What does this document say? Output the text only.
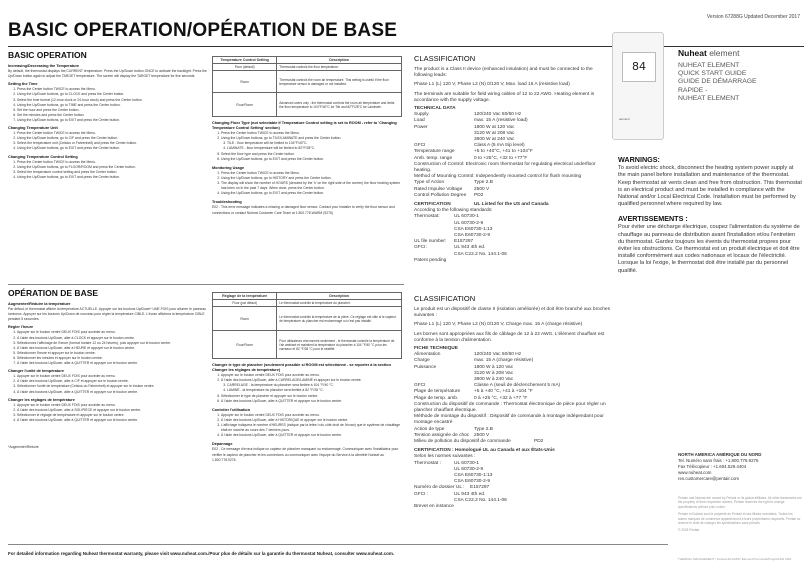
Version 67288G Updated December 2017
BASIC OPERATION/OPÉRATION DE BASE
BASIC OPERATION
Increasing/Decreasing the Temperature
By default, the thermostat displays the CURRENT temperature. Press the Up/Down button ONCE to activate the backlight. Press the Up/Down button again to adjust the TARGET temperature. The screen will display the TARGET temperature for five seconds.
Setting the Time
1. Press the Center button TWICE to access the Menu.
2. Using the Up/Down buttons, go to CLOCK and press the Center button.
3. Select the time format (12-hour clock or 24-hour clock) and press the Center button.
4. Using the Up/Down buttons, go to TIME and press the Center button.
5. Set the hour and press the Center button.
6. Set the minutes and press the Center button.
7. Using the Up/Down buttons, go to EXIT and press the Center button.
Changing Temperature Unit
1. Press the Center button TWICE to access the Menu.
2. Using the Up/Down buttons, go to C/F and press the Center button.
3. Select the temperature unit (Celsius or Fahrenheit) and press the Center button.
4. Using the Up/Down buttons, go to EXIT and press the Center button.
Changing Temperature Control Setting
1. Press the Center button TWICE to access the Menu.
2. Using the Up/Down buttons, go to FLOOR/ROOM and press the Center button.
3. Select the temperature control setting and press the Center button.
4. Using the Up/Down buttons, go to EXIT and press the Center button.
Temperature Control Setting	Description
Floor (default)	Thermostat controls the floor temperature.
Room	Thermostat controls the room air temperature. This setting is useful if the floor temperature sensor is damaged or not installed.
Floor/Room	Advanced users only - the thermostat controls the room air temperature and limits the floor temperature to 104°F/40°C for Tile and 82°F/28°C for Laminate.
Changing Floor Type (not selectable if Temperature Control setting is set to ROOM - refer to 'Changing Temperature Control Setting' section)
1. Press the Center button TWICE to access the Menu.
2. Using the Up/Down buttons, go to TILE/LAMINATE and press the Center button.
3. TILE - floor temperature will be limited to 104°F/40°C.
4. LAMINATE - floor temperature will be limited to 82°F/28°C.
5. Select the floor type and press the Center button.
6. Using the Up/Down buttons, go to EXIT and press the Center button.
Monitoring Usage
1. Press the Center button TWICE to access the Menu.
2. Using the Up/Down buttons, go to HISTORY and press the Center button.
3. The display will show the number of HOURS (denoted by the 'h' on the right side of the screen) the floor heating system has been on in the past 7 days. When done, press the Center button.
4. Using the Up/Down buttons, go to EXIT and press the Center button.
Troubleshooting
E02 - This error message indicates a missing or damaged floor sensor. Contact your installer to verify the floor sensor and connections or contact Nuheat Customer Care Team at 1.800.778.WARM (9276)
OPÉRATION DE BASE
Augmenter/Réduire la température
Par défaut, le thermostat affiche la température ACTUELLE. Appuyer sur les boutons Up/Down* UNE FOIS pour allumer le panneau lumineux. Appuyer sur les boutons Up/Down de nouveau pour régler la température CIBLE. L'écran affichera la température CIBLE pendant 5 secondes.
Régler l'heure
1. Appuyer sur le bouton centre DEUX FOIS pour accéder au menu.
2. À l'aide des boutons Up/Down, aller à CLOCK et appuyer sur le bouton centre.
3. Sélectionnez l'affichage de l'heure (format horaire 12 ou 24 heures), puis appuyer sur le bouton centre.
4. À l'aide des boutons Up/Down, aller à HEURE et appuyer sur le bouton centre.
5. Sélectionner l'heure et appuyer sur le bouton centre.
6. Sélectionner les minutes et appuyer sur le bouton centre.
7. À l'aide des boutons Up/Down, aller à QUITTER et appuyer sur le bouton centre.
Changer l'unité de température
1. Appuyer sur le bouton centre DEUX FOIS pour accéder au menu.
2. À l'aide des boutons Up/Down, aller à C/F et appuyer sur le bouton centre.
3. Sélectionner l'unité de température (Celsius ou Fahrenheit) et appuyer sur le bouton centre.
4. À l'aide des boutons Up/Down, aller à QUITTER et appuyer sur le bouton centre.
Changer les réglages de température
1. Appuyer sur le bouton centre DEUX FOIS pour accéder au menu.
2. À l'aide des boutons Up/Down, aller à SOL/PIÈCE et appuyer sur le bouton centre.
3. Sélectionner le réglage de température et appuyer sur le bouton centre.
4. À l'aide des boutons Up/Down, aller à QUITTER et appuyer sur le bouton centre.
*Augmenter/Réduire
Réglage de la température	Description
Floor (par défaut)	Le thermostat contrôle la température du plancher.
Room	Le thermostat contrôle la température de la pièce. Ce réglage est utile si le capteur de température du plancher est endommagé ou n'est pas installé.
Floor/Room	Pour utilisateurs chevronnés seulement - le thermostat contrôle la température de l'air ambiant et maintient la température du plancher à 104 °F/40 °C pour les carreaux et 82 °F/28 °C pour le stratifié.
Changer le type de plancher (seulement possible si ROOM est sélectionné - se reporter à la section Changer les réglages de température)
1. Appuyer sur le bouton centre DEUX FOIS pour accéder au menu.
2. À l'aide des boutons Up/Down, aller à CARRELAGE/LAMINÉ et appuyer sur le bouton centre.
3. CARRELAGE - la température du plancher sera limitée à 104 °F/40 °C.
4. LAMINÉ - la température du plancher sera limitée à 82 °F/28 °C.
5. Sélectionner le type de plancher et appuyer sur le bouton centre.
6. À l'aide des boutons Up/Down, aller à QUITTER et appuyer sur le bouton centre.
Contrôler l'utilisation
1. Appuyer sur le bouton centre DEUX FOIS pour accéder au menu.
2. À l'aide des boutons Up/Down, aller à HISTORIQUE et appuyer sur le bouton centre.
3. L'affichage indiquera le nombre d'HEURES (indiqué par la lettre h du côté droit de l'écran) que le système de chauffage était en marche au cours des 7 derniers jours.
4. À l'aide des boutons Up/Down, aller à QUITTER et appuyer sur le bouton centre.
Dépannage
E02 - Ce message d'erreur indique un capteur de plancher manquant ou endommagé. Communiquer avec l'installateur pour vérifier le capteur de plancher et les connexions ou communiquer avec l'équipe du Service à la clientèle Nuheat au 1.800.778.9276.
CLASSIFICATION
The product is a Class II device (enhanced insulation) and must be connected to the following leads:
Phase L1 (L) 120 V, Phase L2 (N) 0/120 V, Max. load 15 A (resistive load)
The terminals are suitable for field wiring cables of 12 to 22 AWG. Heating element in accordance with the supply voltage.
TECHNICAL DATA
Supply	120/240 Vac 50/60 Hz
Load	max. 15 A (resistive load)
Power	1800 W at 120 Vac
3120 W at 208 Vac
3600 W at 240 Vac
GFCI	Class A (5 mA trip level)
Temperature range	+5 to +40°C, +41 to +104°F
Amb. temp. range	0 to +25°C, +32 to +77°F
Construction of Control: Electronic room thermostat for regulating electrical underfloor heating.
Method of Mounting Control: Independently mounted control for flush mounting
Type of Action	Type 2.B
Rated Impulse Voltage	2500 V
Control Pollution Degree	PD2
CERTIFICATION	UL Listed for the US and Canada
According to the following standards:
Thermostat:	UL 60730-1
UL 60730-2-9
CSA E60730-1:13
CSA E60730-2-9
UL file number:	E157297
GFCI:	UL 943 4th ed.
CSA C22.2 No. 144.1-06
Patent pending
CLASSIFICATION
Le produit est un dispositif de classe II (isolation améliorée) et doit être branché aux broches suivantes :
Phase L1 (L) 120 V, Phase L2 (N) 0/120 V, Charge max. 15 A (charge résistive)
Les bornes sont appropriées aux fils de câblage de 12 à 22 AWG. L'élément chauffant est conforme à la tension d'alimentation.
FICHE TECHNIQUE
Alimentation	120/240 Vac 50/60 Hz
Charge	max. 15 A (charge résistive)
Puissance	1800 W à 120 Vac
3120 W à 208 Vac
3600 W à 240 Vac
GFCI	Classe A (seuil de déclenchement 5 mA)
Plage de température	+5 à +40 °C, +41 à +104 °F
Plage de temp. amb.	0 à +25 °C, +32 à +77 °F
Construction du dispositif de commande : Thermostat électronique de pièce pour régler un plancher chauffant électrique.
Méthode de montage du dispositif : Dispositif de commande à montage indépendant pour montage encastré
Action de type	Type 2.B
Tension assignée de choc 2500 V
Milieu de pollution du dispositif de commande	PD2
CERTIFICATION : Homologué UL au Canada et aux États-Unis
Selon les normes suivantes :
Thermostat :	UL 60730-1
UL 60730-2-9
CSA E60730-1:13
CSA E60730-2-9
Numéro de dossier UL :	E157297
GFCI :	UL 943 4th ed.
CSA C22.2 No. 144.1-06
Brevet en instance
84
element
Nuheat element
NUHEAT ELEMENT
QUICK START GUIDE
GUIDE DE DÉMARRAGE
RAPIDE -
NUHEAT ELEMENT
WARNINGS:
To avoid electric shock, disconnect the heating system power supply at the main panel before installation and maintenance of the thermostat. Keep thermostat air vents clean and free from obstruction. This thermostat is an electrical product and must be installed in compliance with the National and/or Local Electrical Code. Installation must be performed by qualified personnel where required by law.
AVERTISSEMENTS :
Pour éviter une décharge électrique, coupez l'alimentation du système de chauffage au panneau de distribution avant l'installation et/ou l'entretien du thermostat. Gardez toujours les évents du thermostat propres pour éviter les obstructions. Ce thermostat est un produit électrique et doit être installé conformément aux codes nationaux et locaux de l'électricité. Lorsque la loi l'exige, le thermostat doit être installé par du personnel qualifié.
NORTH AMERICA AMÉRIQUE DU NORD
Tel. Numéro sans frais : +1.800.778.9276
Fax Télécopieur : +1.604.529.4404
www.nuheat.com
res.customercare@pentair.com
Pentair and Nuheat are owned by Pentair or its global affiliates. All other trademarks are the property of their respective owners. Pentair reserves the right to change specifications without prior notice.
Pentair et Nuheat sont la propriété de Pentair et ses filiales mondiales. Toutes les autres marques de commerce appartiennent à leurs propriétaires respectifs. Pentair se réserve le droit de changer les spécifications sans préavis.
© 2018 Pentair.
THERMAL MANAGEMENT | Nuheat-IM-H0507-ElementThermostatProgCM-EN 1801
For detailed information regarding Nuheat thermostat warranty, please visit www.nuheat.com./Pour plus de détails sur la garantie du thermostat Nuheat, consulter www.nuheat.com.
